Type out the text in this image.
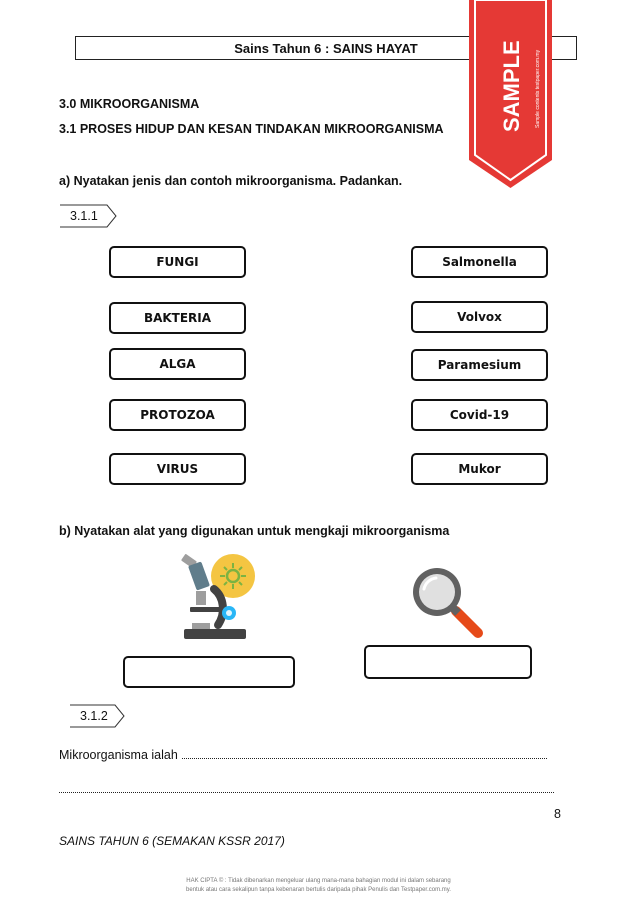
Sains Tahun 6 : SAINS HAYAT	SAMPLE Sample contents testpaper.com.my
3.0 MIKROORGANISMA
3.1 PROSES HIDUP DAN KESAN TINDAKAN MIKROORGANISMA
a) Nyatakan jenis dan contoh mikroorganisma. Padankan.
3.1.1
FUNGI
BAKTERIA
ALGA
PROTOZOA
VIRUS
Salmonella
Volvox
Paramesium
Covid-19
Mukor
b) Nyatakan alat yang digunakan untuk mengkaji mikroorganisma
3.1.2
Mikroorganisma ialah
8
SAINS TAHUN 6 (SEMAKAN KSSR 2017)
HAK CIPTA © : Tidak dibenarkan mengeluar ulang mana-mana bahagian modul ini dalam sebarang
bentuk atau cara sekalipun tanpa kebenaran bertulis daripada pihak Penulis dan Testpaper.com.my.
